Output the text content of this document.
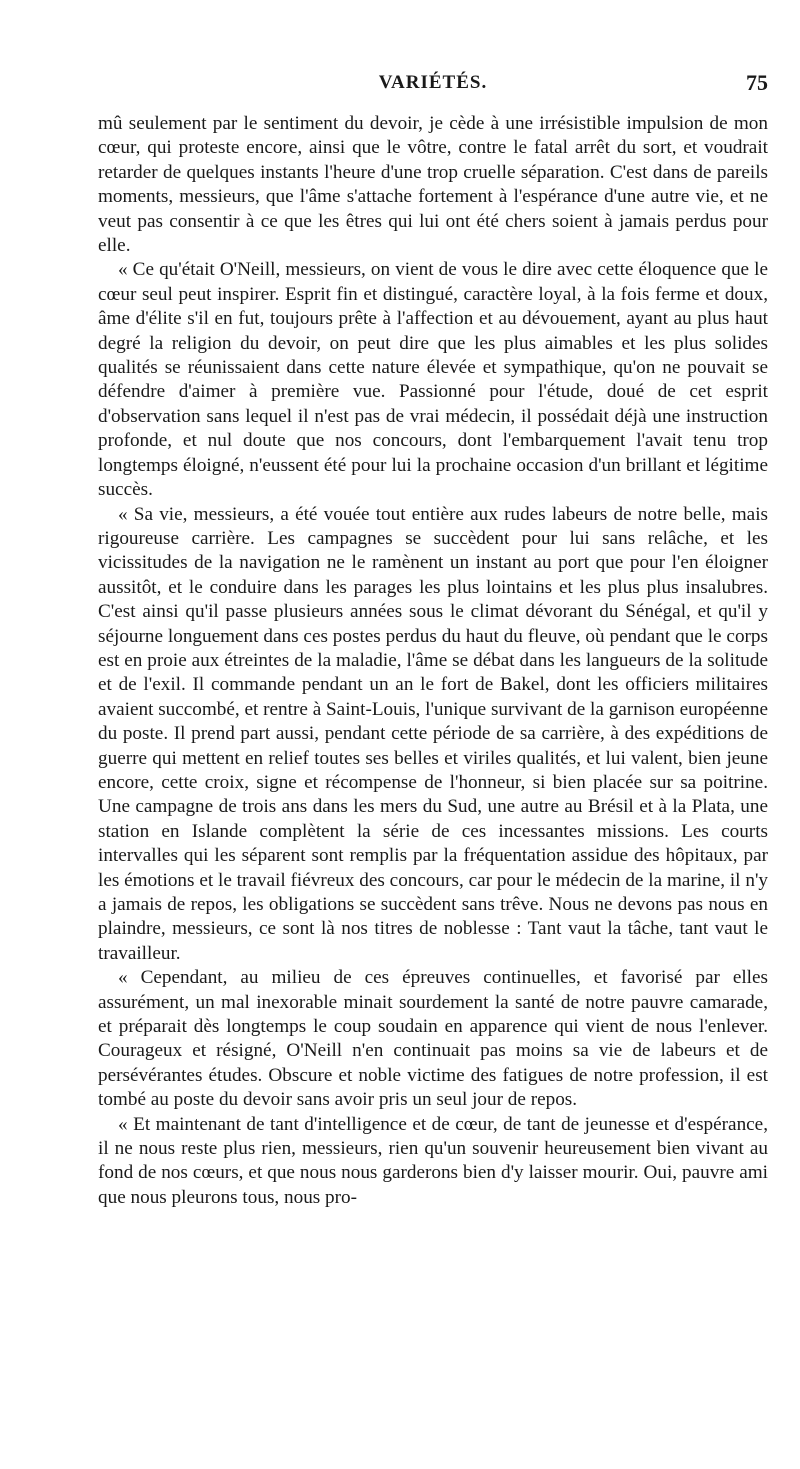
VARIÉTÉS.	75

mû seulement par le sentiment du devoir, je cède à une irrésistible impulsion de mon cœur, qui proteste encore, ainsi que le vôtre, contre le fatal arrêt du sort, et voudrait retarder de quelques instants l'heure d'une trop cruelle séparation. C'est dans de pareils moments, messieurs, que l'âme s'attache fortement à l'espérance d'une autre vie, et ne veut pas consentir à ce que les êtres qui lui ont été chers soient à jamais perdus pour elle.

« Ce qu'était O'Neill, messieurs, on vient de vous le dire avec cette éloquence que le cœur seul peut inspirer. Esprit fin et distingué, caractère loyal, à la fois ferme et doux, âme d'élite s'il en fut, toujours prête à l'affection et au dévouement, ayant au plus haut degré la religion du devoir, on peut dire que les plus aimables et les plus solides qualités se réunissaient dans cette nature élevée et sympathique, qu'on ne pouvait se défendre d'aimer à première vue. Passionné pour l'étude, doué de cet esprit d'observation sans lequel il n'est pas de vrai médecin, il possédait déjà une instruction profonde, et nul doute que nos concours, dont l'embarquement l'avait tenu trop longtemps éloigné, n'eussent été pour lui la prochaine occasion d'un brillant et légitime succès.

« Sa vie, messieurs, a été vouée tout entière aux rudes labeurs de notre belle, mais rigoureuse carrière. Les campagnes se succèdent pour lui sans relâche, et les vicissitudes de la navigation ne le ramènent un instant au port que pour l'en éloigner aussitôt, et le conduire dans les parages les plus lointains et les plus plus insalubres. C'est ainsi qu'il passe plusieurs années sous le climat dévorant du Sénégal, et qu'il y séjourne longuement dans ces postes perdus du haut du fleuve, où pendant que le corps est en proie aux étreintes de la maladie, l'âme se débat dans les langueurs de la solitude et de l'exil. Il commande pendant un an le fort de Bakel, dont les officiers militaires avaient succombé, et rentre à Saint-Louis, l'unique survivant de la garnison européenne du poste. Il prend part aussi, pendant cette période de sa carrière, à des expéditions de guerre qui mettent en relief toutes ses belles et viriles qualités, et lui valent, bien jeune encore, cette croix, signe et récompense de l'honneur, si bien placée sur sa poitrine. Une campagne de trois ans dans les mers du Sud, une autre au Brésil et à la Plata, une station en Islande complètent la série de ces incessantes missions. Les courts intervalles qui les séparent sont remplis par la fréquentation assidue des hôpitaux, par les émotions et le travail fiévreux des concours, car pour le médecin de la marine, il n'y a jamais de repos, les obligations se succèdent sans trêve. Nous ne devons pas nous en plaindre, messieurs, ce sont là nos titres de noblesse : Tant vaut la tâche, tant vaut le travailleur.

« Cependant, au milieu de ces épreuves continuelles, et favorisé par elles assurément, un mal inexorable minait sourdement la santé de notre pauvre camarade, et préparait dès longtemps le coup soudain en apparence qui vient de nous l'enlever. Courageux et résigné, O'Neill n'en continuait pas moins sa vie de labeurs et de persévérantes études. Obscure et noble victime des fatigues de notre profession, il est tombé au poste du devoir sans avoir pris un seul jour de repos.

« Et maintenant de tant d'intelligence et de cœur, de tant de jeunesse et d'espérance, il ne nous reste plus rien, messieurs, rien qu'un souvenir heureusement bien vivant au fond de nos cœurs, et que nous nous garderons bien d'y laisser mourir. Oui, pauvre ami que nous pleurons tous, nous pro-
